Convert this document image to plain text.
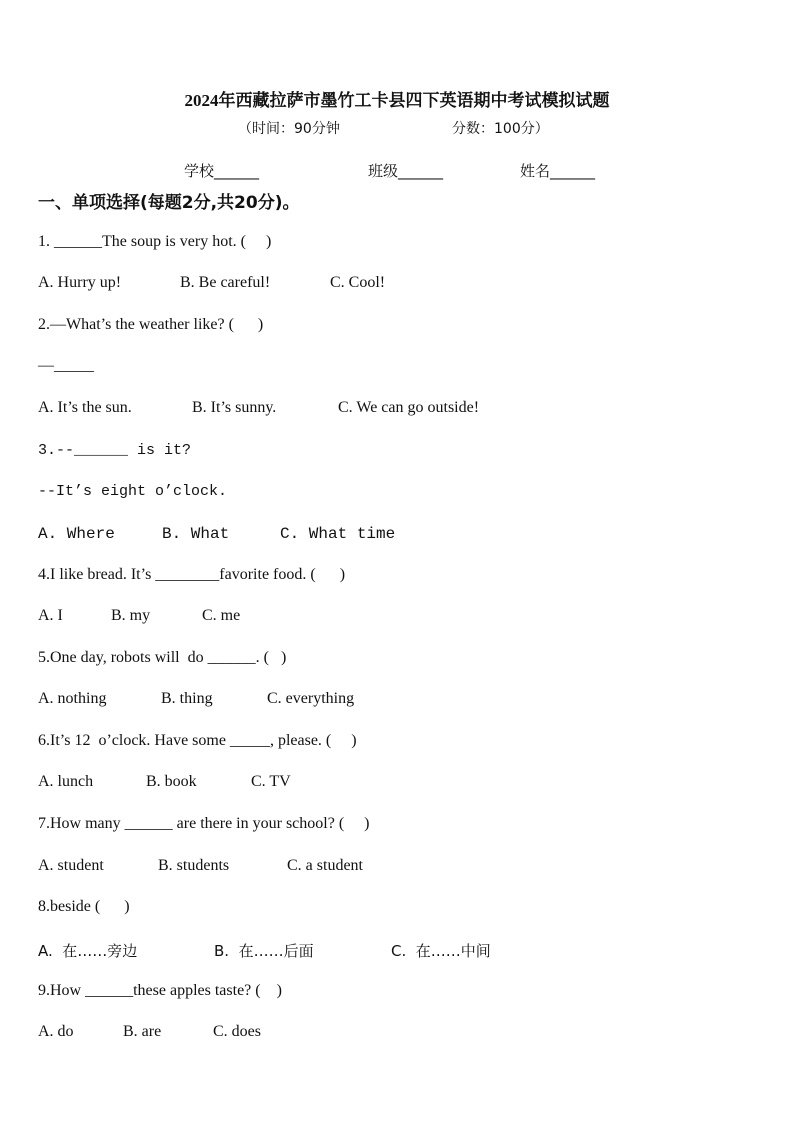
2024年西藏拉萨市墨竹工卡县四下英语期中考试模拟试题
（时间：90分钟	分数：100分）
学校______	班级______	姓名______
一、单项选择(每题2分,共20分)。
1. ______The soup is very hot. (     )
A. Hurry up!	B. Be careful!	C. Cool!
2.—What’s the weather like? (      )
—_____
A. It’s the sun.	B. It’s sunny.	C. We can go outside!
3.--______ is it?
--It’s eight o’clock.
A. Where	B. What	C. What time
4.I like bread. It’s ________favorite food. (      )
A. I	B. my	C. me
5.One day, robots will  do ______. (   )
A. nothing	B. thing	C. everything
6.It’s 12  o’clock. Have some _____, please. (     )
A. lunch	B. book	C. TV
7.How many ______ are there in your school? (     )
A. student	B. students	C. a student
8.beside (      )
A.  在……旁边	B.  在……后面	C.  在……中间
9.How ______these apples taste? (    )
A. do	B. are	C. does
